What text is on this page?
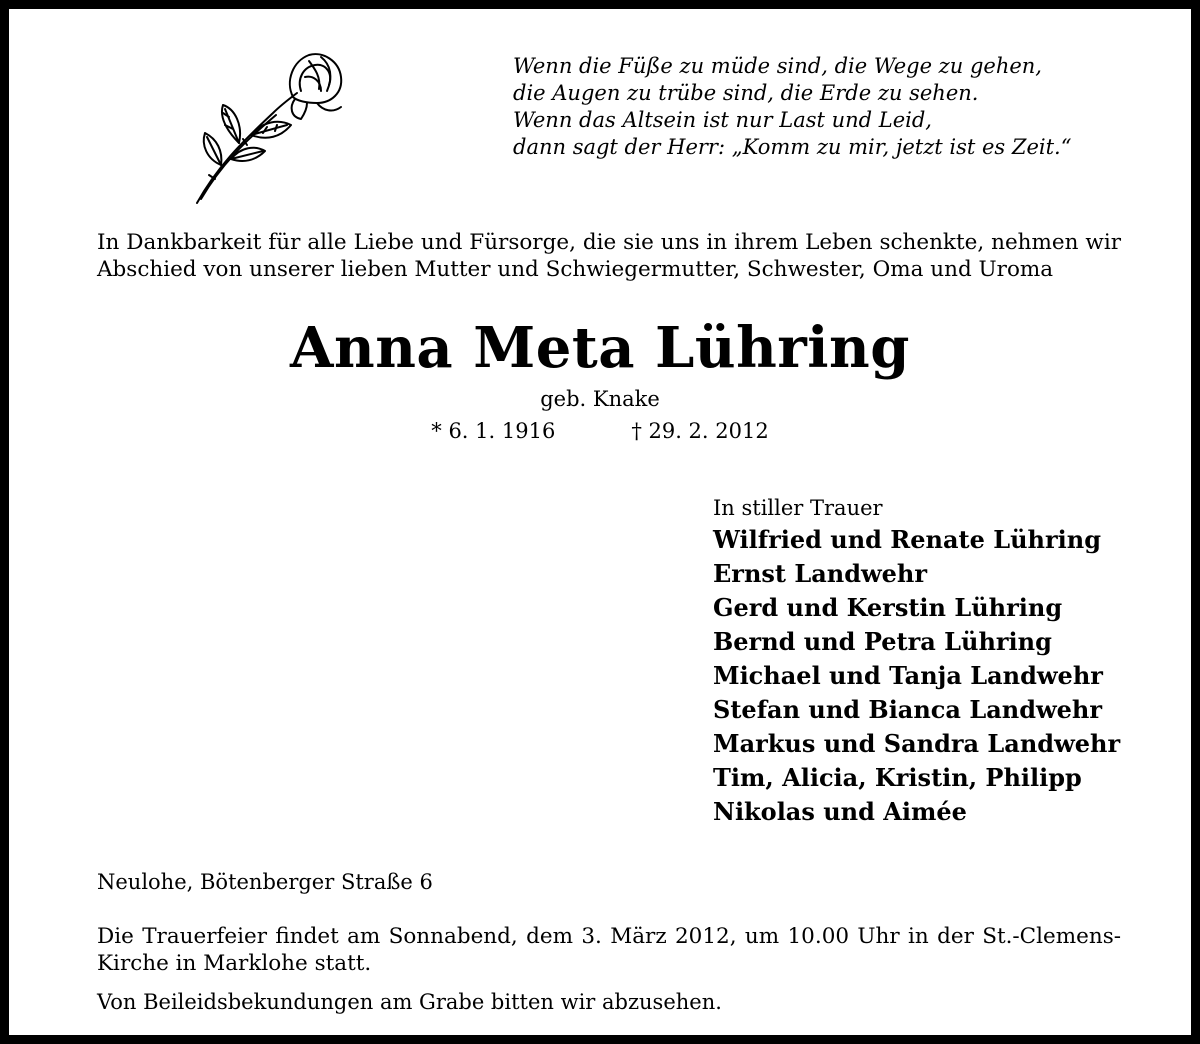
Wenn die Füße zu müde sind, die Wege zu gehen,
die Augen zu trübe sind, die Erde zu sehen.
Wenn das Altsein ist nur Last und Leid,
dann sagt der Herr: „Komm zu mir, jetzt ist es Zeit.“
In Dankbarkeit für alle Liebe und Fürsorge, die sie uns in ihrem Leben schenkte, nehmen wir Abschied von unserer lieben Mutter und Schwiegermutter, Schwester, Oma und Uroma
Anna Meta Lühring
geb. Knake
* 6. 1. 1916	† 29. 2. 2012
In stiller Trauer
Wilfried und Renate Lühring
Ernst Landwehr
Gerd und Kerstin Lühring
Bernd und Petra Lühring
Michael und Tanja Landwehr
Stefan und Bianca Landwehr
Markus und Sandra Landwehr
Tim, Alicia, Kristin, Philipp
Nikolas und Aimée
Neulohe, Bötenberger Straße 6
Die Trauerfeier findet am Sonnabend, dem 3. März 2012, um 10.00 Uhr in der St.-Clemens-Kirche in Marklohe statt.
Von Beileidsbekundungen am Grabe bitten wir abzusehen.
